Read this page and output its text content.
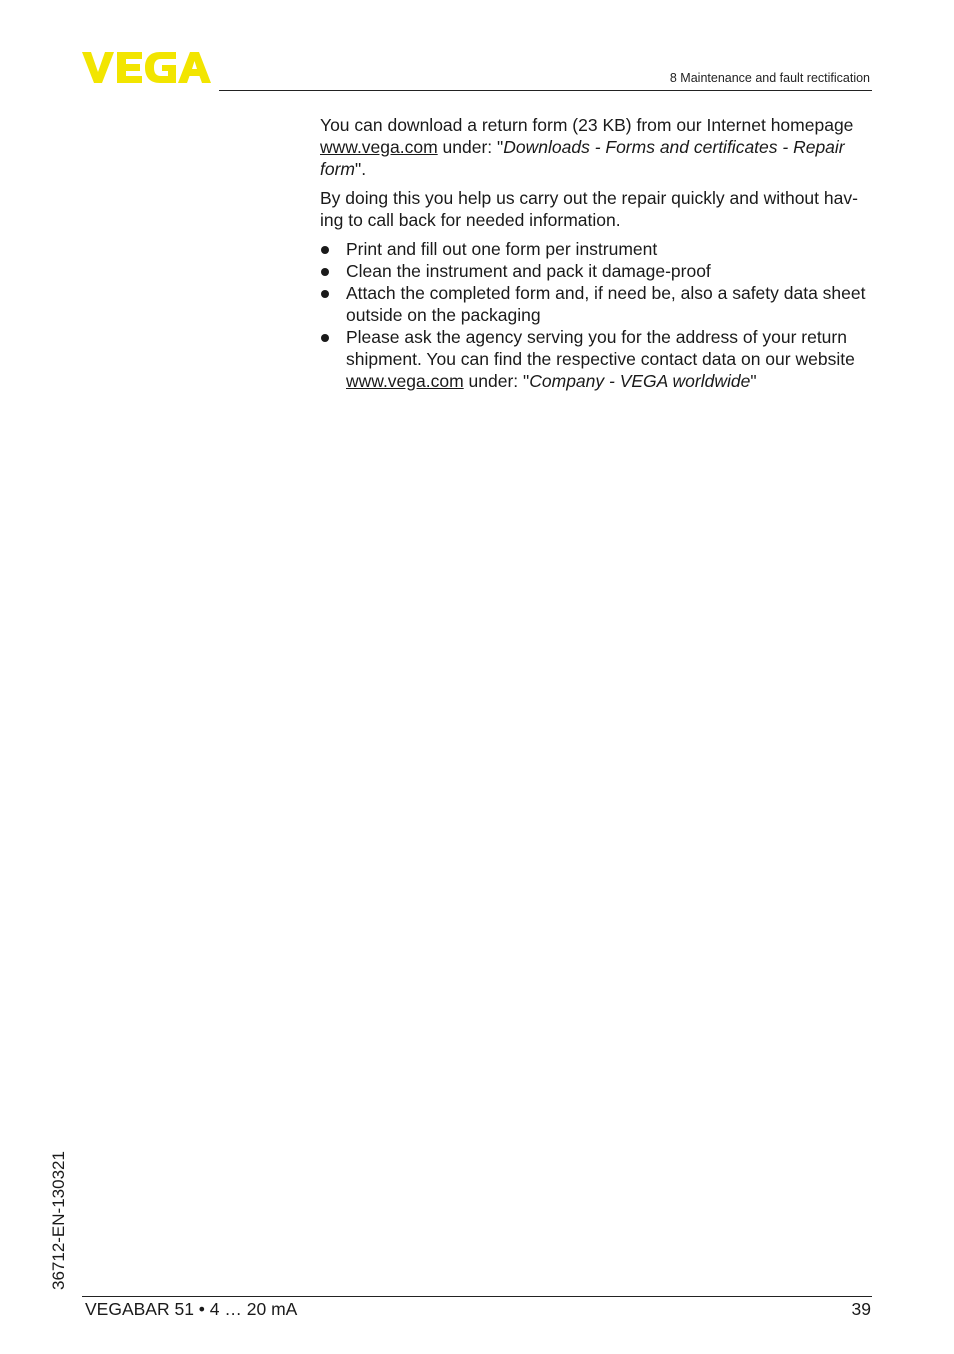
8 Maintenance and fault rectification

You can download a return form (23 KB) from our Internet homepage www.vega.com under: "Downloads - Forms and certificates - Repair form".

By doing this you help us carry out the repair quickly and without hav-ing to call back for needed information.

Print and fill out one form per instrument
Clean the instrument and pack it damage-proof
Attach the completed form and, if need be, also a safety data sheet outside on the packaging
Please ask the agency serving you for the address of your return shipment. You can find the respective contact data on our website www.vega.com under: "Company - VEGA worldwide"
36712-EN-130321
VEGABAR 51 • 4 … 20 mA	39
